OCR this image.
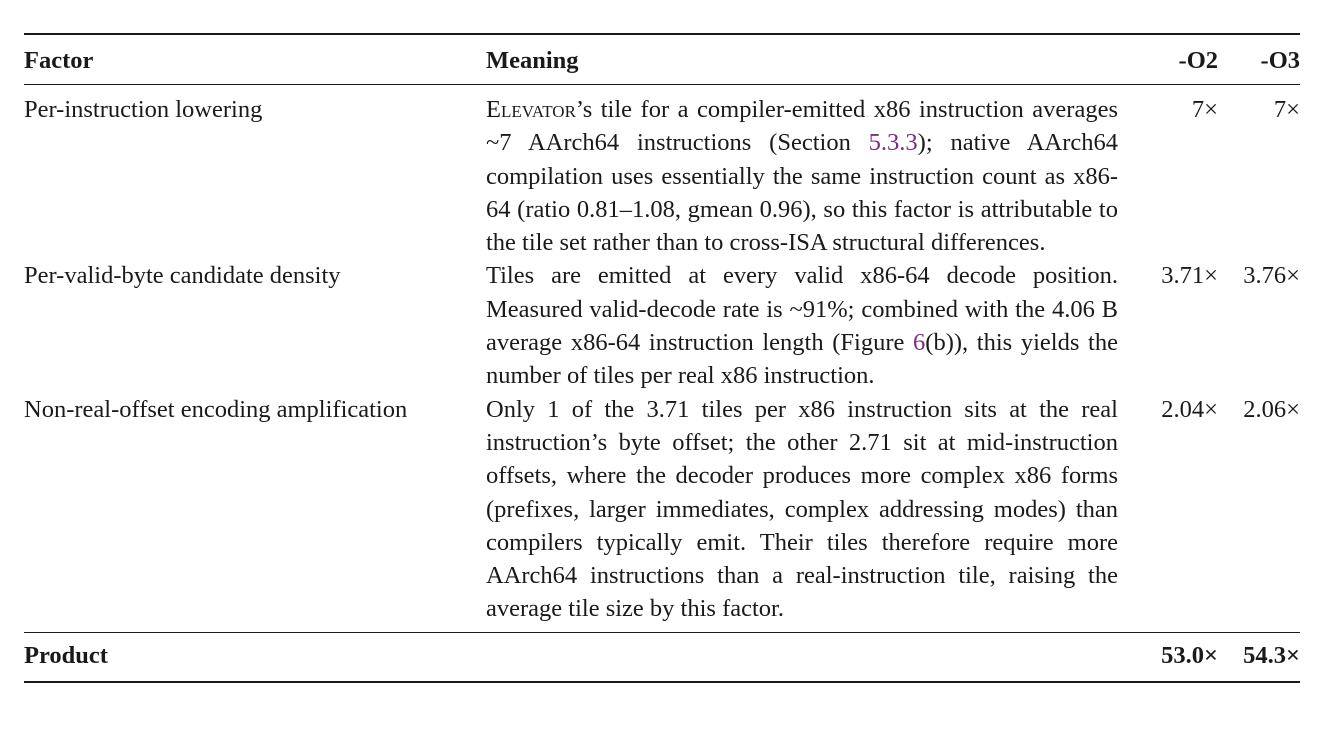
Factor	Meaning	-O2	-O3
Per-instruction lowering	Elevator’s tile for a compiler-emitted x86 instruction averages ~7 AArch64 instructions (Section 5.3.3); native AArch64 compilation uses essentially the same instruction count as x86-64 (ratio 0.81–1.08, gmean 0.96), so this factor is attributable to the tile set rather than to cross-ISA structural differences.	7×	7×
Per-valid-byte candidate density	Tiles are emitted at every valid x86-64 decode position. Measured valid-decode rate is ~91%; combined with the 4.06 B average x86-64 instruction length (Figure 6(b)), this yields the number of tiles per real x86 instruction.	3.71×	3.76×
Non-real-offset encoding amplification	Only 1 of the 3.71 tiles per x86 instruction sits at the real instruction’s byte offset; the other 2.71 sit at mid-instruction offsets, where the decoder produces more complex x86 forms (prefixes, larger immediates, complex addressing modes) than compilers typically emit. Their tiles therefore require more AArch64 instructions than a real-instruction tile, raising the average tile size by this factor.	2.04×	2.06×
Product		53.0×	54.3×
